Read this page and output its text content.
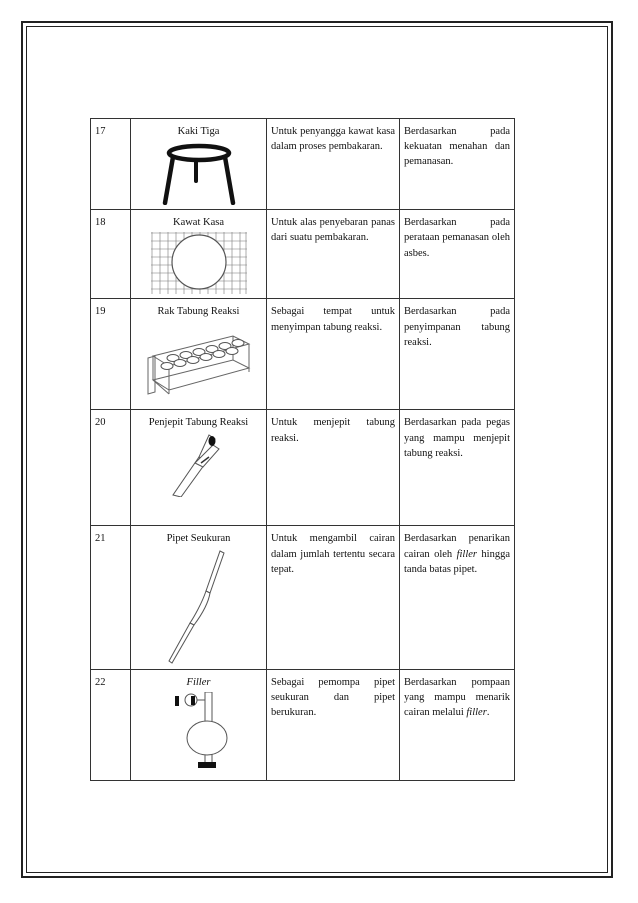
17	Kaki Tiga	Untuk penyangga kawat kasa dalam proses pembakaran.	Berdasarkan pada kekuatan menahan dan pemanasan.
18	Kawat Kasa	Untuk alas penyebaran panas dari suatu pembakaran.	Berdasarkan pada perataan pemanasan oleh asbes.
19	Rak Tabung Reaksi	Sebagai tempat untuk menyimpan tabung reaksi.	Berdasarkan pada penyimpanan tabung reaksi.
20	Penjepit Tabung Reaksi	Untuk menjepit tabung reaksi.	Berdasarkan pada pegas yang mampu menjepit tabung reaksi.
21	Pipet Seukuran	Untuk mengambil cairan dalam jumlah tertentu secara tepat.	Berdasarkan penarikan cairan oleh filler hingga tanda batas pipet.
22	Filler	Sebagai pemompa pipet seukuran dan pipet berukuran.	Berdasarkan pompaan yang mampu menarik cairan melalui filler.
